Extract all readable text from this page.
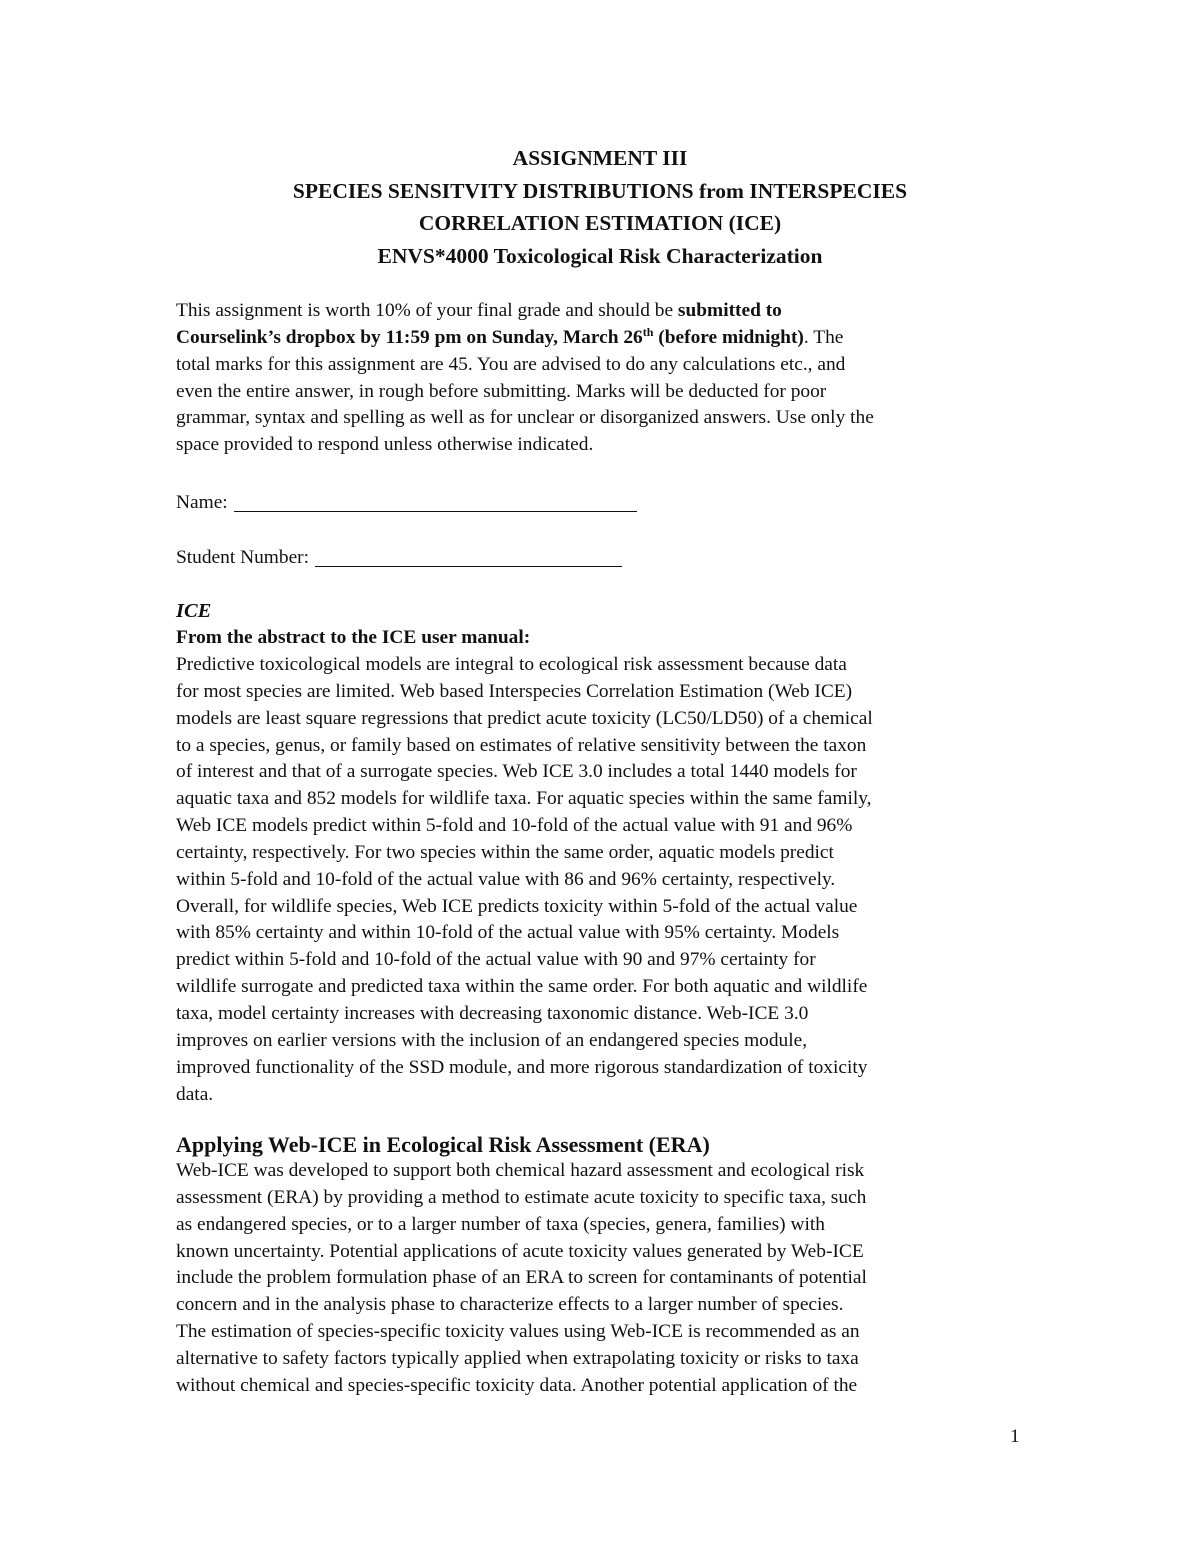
ASSIGNMENT III
SPECIES SENSITVITY DISTRIBUTIONS from INTERSPECIES
CORRELATION ESTIMATION (ICE)
ENVS*4000 Toxicological Risk Characterization
This assignment is worth 10% of your final grade and should be submitted to
Courselink’s dropbox by 11:59 pm on Sunday, March 26th (before midnight). The
total marks for this assignment are 45. You are advised to do any calculations etc., and
even the entire answer, in rough before submitting. Marks will be deducted for poor
grammar, syntax and spelling as well as for unclear or disorganized answers. Use only the
space provided to respond unless otherwise indicated.
Name:
Student Number:
ICE
From the abstract to the ICE user manual:
Predictive toxicological models are integral to ecological risk assessment because data
for most species are limited. Web based Interspecies Correlation Estimation (Web ICE)
models are least square regressions that predict acute toxicity (LC50/LD50) of a chemical
to a species, genus, or family based on estimates of relative sensitivity between the taxon
of interest and that of a surrogate species. Web ICE 3.0 includes a total 1440 models for
aquatic taxa and 852 models for wildlife taxa. For aquatic species within the same family,
Web ICE models predict within 5-fold and 10-fold of the actual value with 91 and 96%
certainty, respectively. For two species within the same order, aquatic models predict
within 5-fold and 10-fold of the actual value with 86 and 96% certainty, respectively.
Overall, for wildlife species, Web ICE predicts toxicity within 5-fold of the actual value
with 85% certainty and within 10-fold of the actual value with 95% certainty. Models
predict within 5-fold and 10-fold of the actual value with 90 and 97% certainty for
wildlife surrogate and predicted taxa within the same order. For both aquatic and wildlife
taxa, model certainty increases with decreasing taxonomic distance. Web-ICE 3.0
improves on earlier versions with the inclusion of an endangered species module,
improved functionality of the SSD module, and more rigorous standardization of toxicity
data.
Applying Web-ICE in Ecological Risk Assessment (ERA)
Web-ICE was developed to support both chemical hazard assessment and ecological risk
assessment (ERA) by providing a method to estimate acute toxicity to specific taxa, such
as endangered species, or to a larger number of taxa (species, genera, families) with
known uncertainty. Potential applications of acute toxicity values generated by Web-ICE
include the problem formulation phase of an ERA to screen for contaminants of potential
concern and in the analysis phase to characterize effects to a larger number of species.
The estimation of species-specific toxicity values using Web-ICE is recommended as an
alternative to safety factors typically applied when extrapolating toxicity or risks to taxa
without chemical and species-specific toxicity data. Another potential application of the
1
